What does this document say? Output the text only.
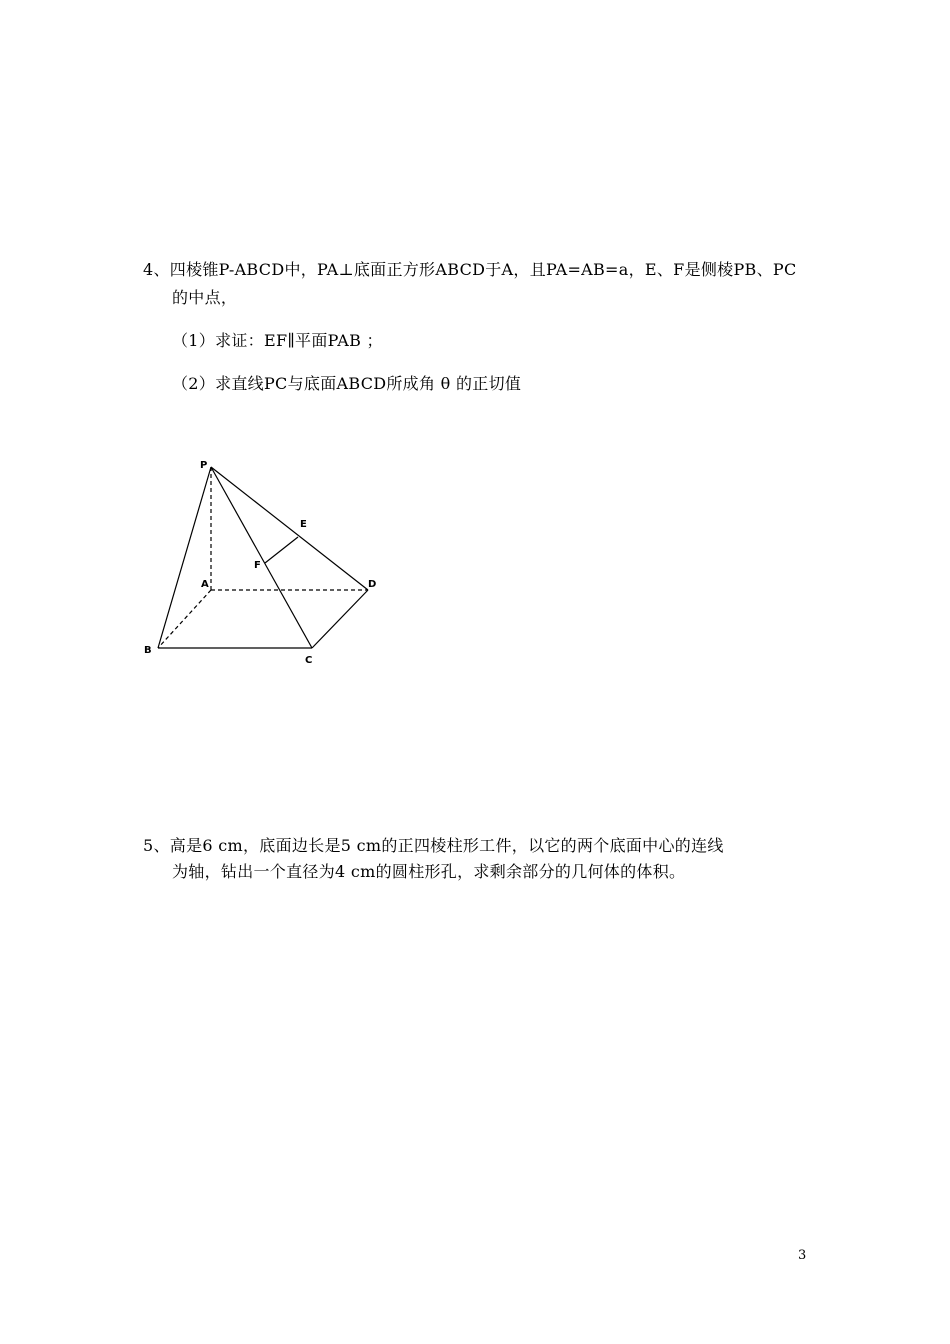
4、四棱锥P-ABCD中，PA⊥底面正方形ABCD于A，且PA=AB=a，E、F是侧棱PB、PC
的中点，
（1）求证：EF∥平面PAB ；
（2）求直线PC与底面ABCD所成角 θ 的正切值
P
A
B
C
D
E
F
5、高是6 cm，底面边长是5 cm的正四棱柱形工件，以它的两个底面中心的连线
为轴，钻出一个直径为4 cm的圆柱形孔，求剩余部分的几何体的体积。
3
